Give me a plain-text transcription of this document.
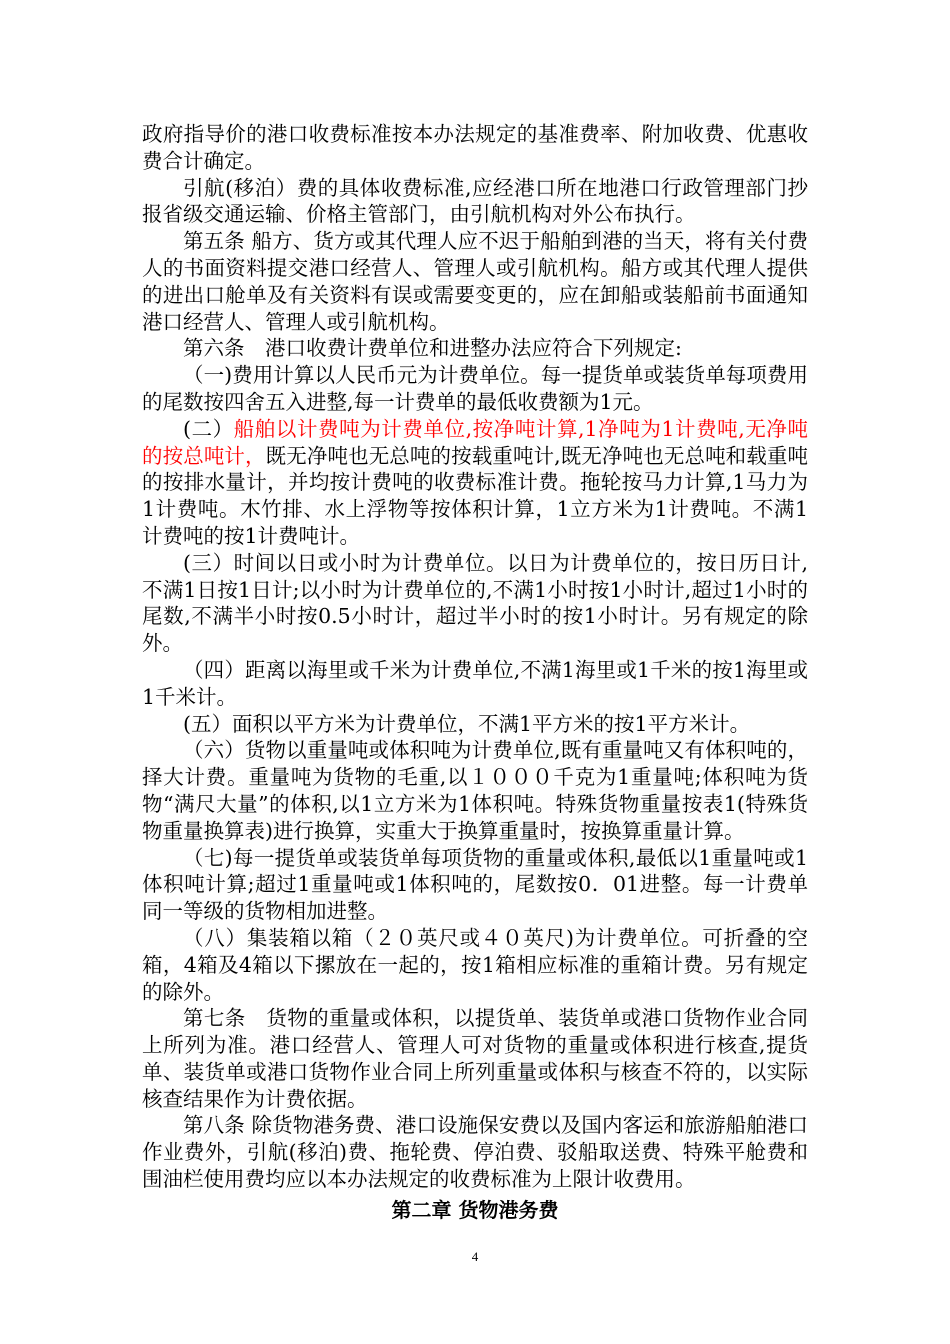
政府指导价的港口收费标准按本办法规定的基准费率、附加收费、优惠收费合计确定。

引航(移泊）费的具体收费标准,应经港口所在地港口行政管理部门抄报省级交通运输、价格主管部门，由引航机构对外公布执行。

第五条 船方、货方或其代理人应不迟于船舶到港的当天，将有关付费人的书面资料提交港口经营人、管理人或引航机构。船方或其代理人提供的进出口舱单及有关资料有误或需要变更的，应在卸船或装船前书面通知港口经营人、管理人或引航机构。

第六条　港口收费计费单位和进整办法应符合下列规定:

（一)费用计算以人民币元为计费单位。每一提货单或装货单每项费用的尾数按四舍五入进整,每一计费单的最低收费额为1元。

(二）船舶以计费吨为计费单位,按净吨计算,1净吨为1计费吨,无净吨的按总吨计，既无净吨也无总吨的按载重吨计,既无净吨也无总吨和载重吨的按排水量计，并均按计费吨的收费标准计费。拖轮按马力计算,1马力为1计费吨。木竹排、水上浮物等按体积计算，1立方米为1计费吨。不满1计费吨的按1计费吨计。

(三）时间以日或小时为计费单位。以日为计费单位的，按日历日计,不满1日按1日计;以小时为计费单位的,不满1小时按1小时计,超过1小时的尾数,不满半小时按0.5小时计，超过半小时的按1小时计。另有规定的除外。

（四）距离以海里或千米为计费单位,不满1海里或1千米的按1海里或1千米计。

(五）面积以平方米为计费单位，不满1平方米的按1平方米计。

（六）货物以重量吨或体积吨为计费单位,既有重量吨又有体积吨的，择大计费。重量吨为货物的毛重,以１０００千克为1重量吨;体积吨为货物“满尺大量”的体积,以1立方米为1体积吨。特殊货物重量按表1(特殊货物重量换算表)进行换算，实重大于换算重量时，按换算重量计算。

（七)每一提货单或装货单每项货物的重量或体积,最低以1重量吨或1体积吨计算;超过1重量吨或1体积吨的，尾数按0．01进整。每一计费单同一等级的货物相加进整。

（八）集装箱以箱（２０英尺或４０英尺)为计费单位。可折叠的空箱，4箱及4箱以下摞放在一起的，按1箱相应标准的重箱计费。另有规定的除外。

第七条　货物的重量或体积，以提货单、装货单或港口货物作业合同上所列为准。港口经营人、管理人可对货物的重量或体积进行核查,提货单、装货单或港口货物作业合同上所列重量或体积与核查不符的，以实际核查结果作为计费依据。

第八条 除货物港务费、港口设施保安费以及国内客运和旅游船舶港口作业费外，引航(移泊)费、拖轮费、停泊费、驳船取送费、特殊平舱费和围油栏使用费均应以本办法规定的收费标准为上限计收费用。

第二章 货物港务费
4
